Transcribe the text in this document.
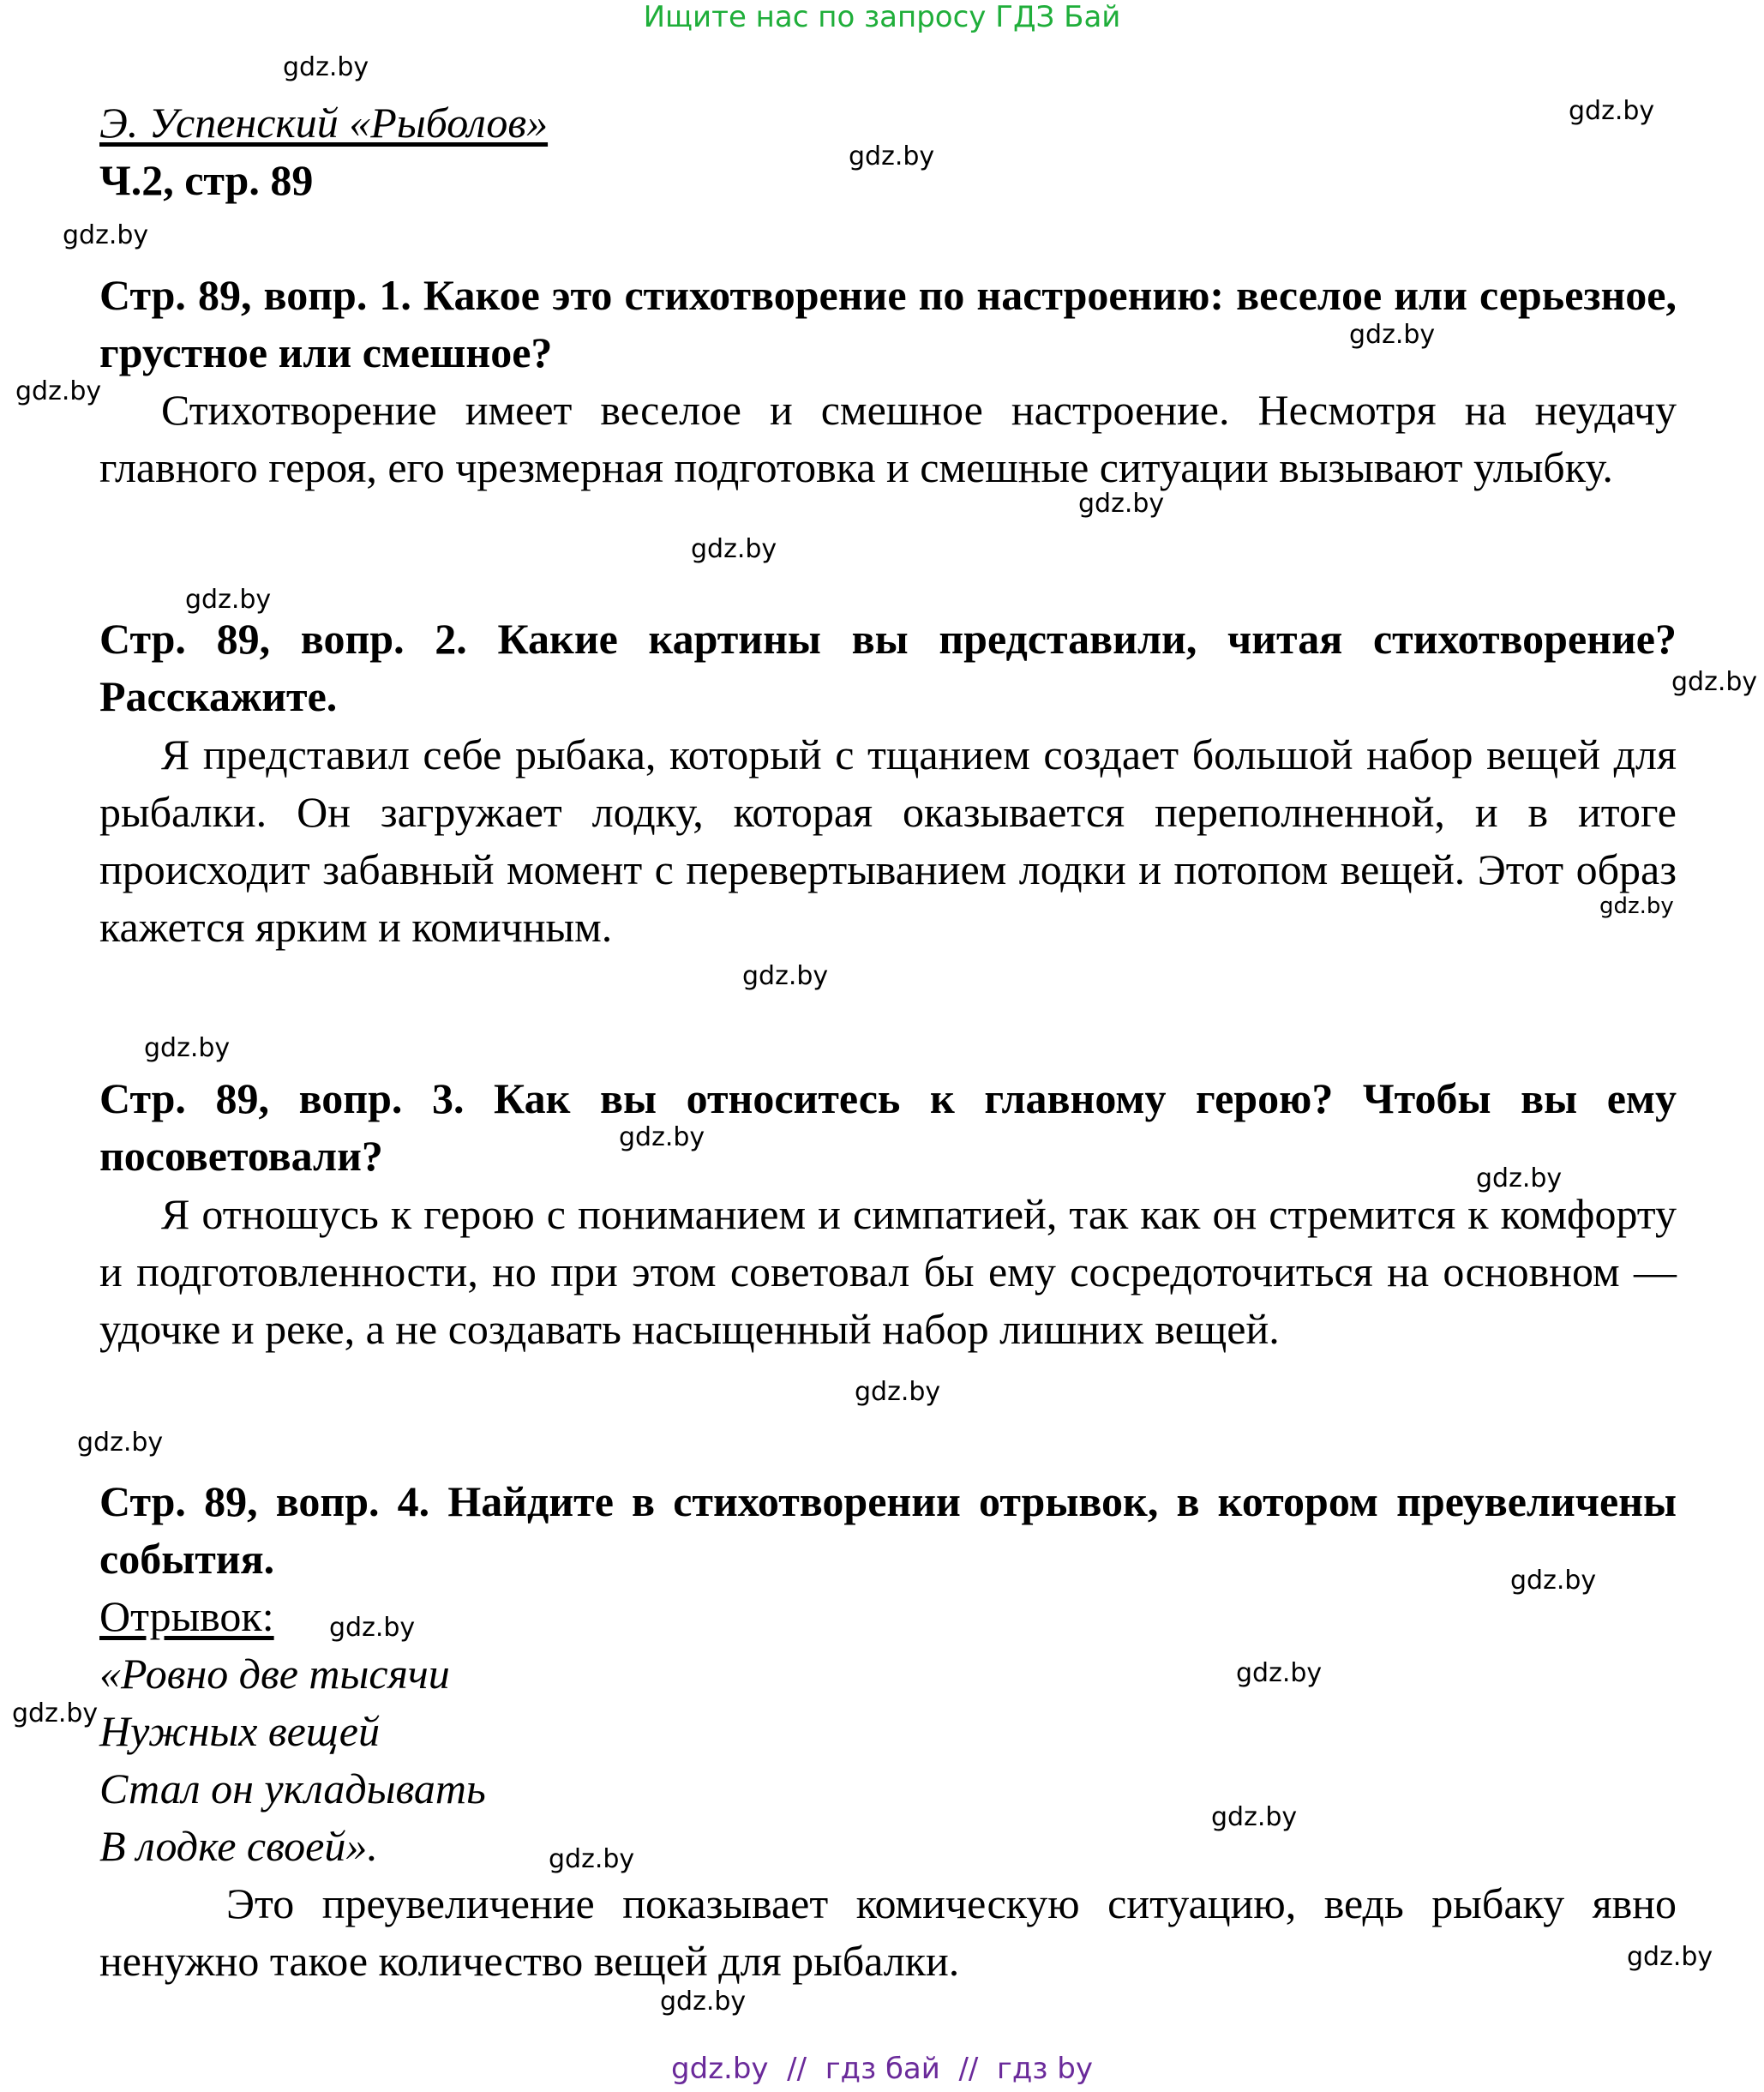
Ищите нас по запросу ГДЗ Бай

Э. Успенский «Рыболов»

Ч.2, стр. 89

Стр. 89, вопр. 1. Какое это стихотворение по настроению: веселое или серьезное, грустное или смешное?

Стихотворение имеет веселое и смешное настроение. Несмотря на неудачу главного героя, его чрезмерная подготовка и смешные ситуации вызывают улыбку.

Стр. 89, вопр. 2. Какие картины вы представили, читая стихотворение? Расскажите.

Я представил себе рыбака, который с тщанием создает большой набор вещей для рыбалки. Он загружает лодку, которая оказывается переполненной, и в итоге происходит забавный момент с перевертыванием лодки и потопом вещей. Этот образ кажется ярким и комичным.

Стр. 89, вопр. 3. Как вы относитесь к главному герою? Чтобы вы ему посоветовали?

Я отношусь к герою с пониманием и симпатией, так как он стремится к комфорту и подготовленности, но при этом советовал бы ему сосредоточиться на основном — удочке и реке, а не создавать насыщенный набор лишних вещей.

Стр. 89, вопр. 4. Найдите в стихотворении отрывок, в котором преувеличены события.

Отрывок:

«Ровно две тысячи
Нужных вещей
Стал он укладывать
В лодке своей».

Это преувеличение показывает комическую ситуацию, ведь рыбаку явно ненужно такое количество вещей для рыбалки.

gdz.by
gdz.by
gdz.by
gdz.by
gdz.by
gdz.by
gdz.by
gdz.by
gdz.by
gdz.by
gdz.by
gdz.by
gdz.by
gdz.by
gdz.by
gdz.by
gdz.by
gdz.by
gdz.by
gdz.by
gdz.by
gdz.by
gdz.by
gdz.by
gdz.by
gdz.by  //  гдз бай  //  гдз by
